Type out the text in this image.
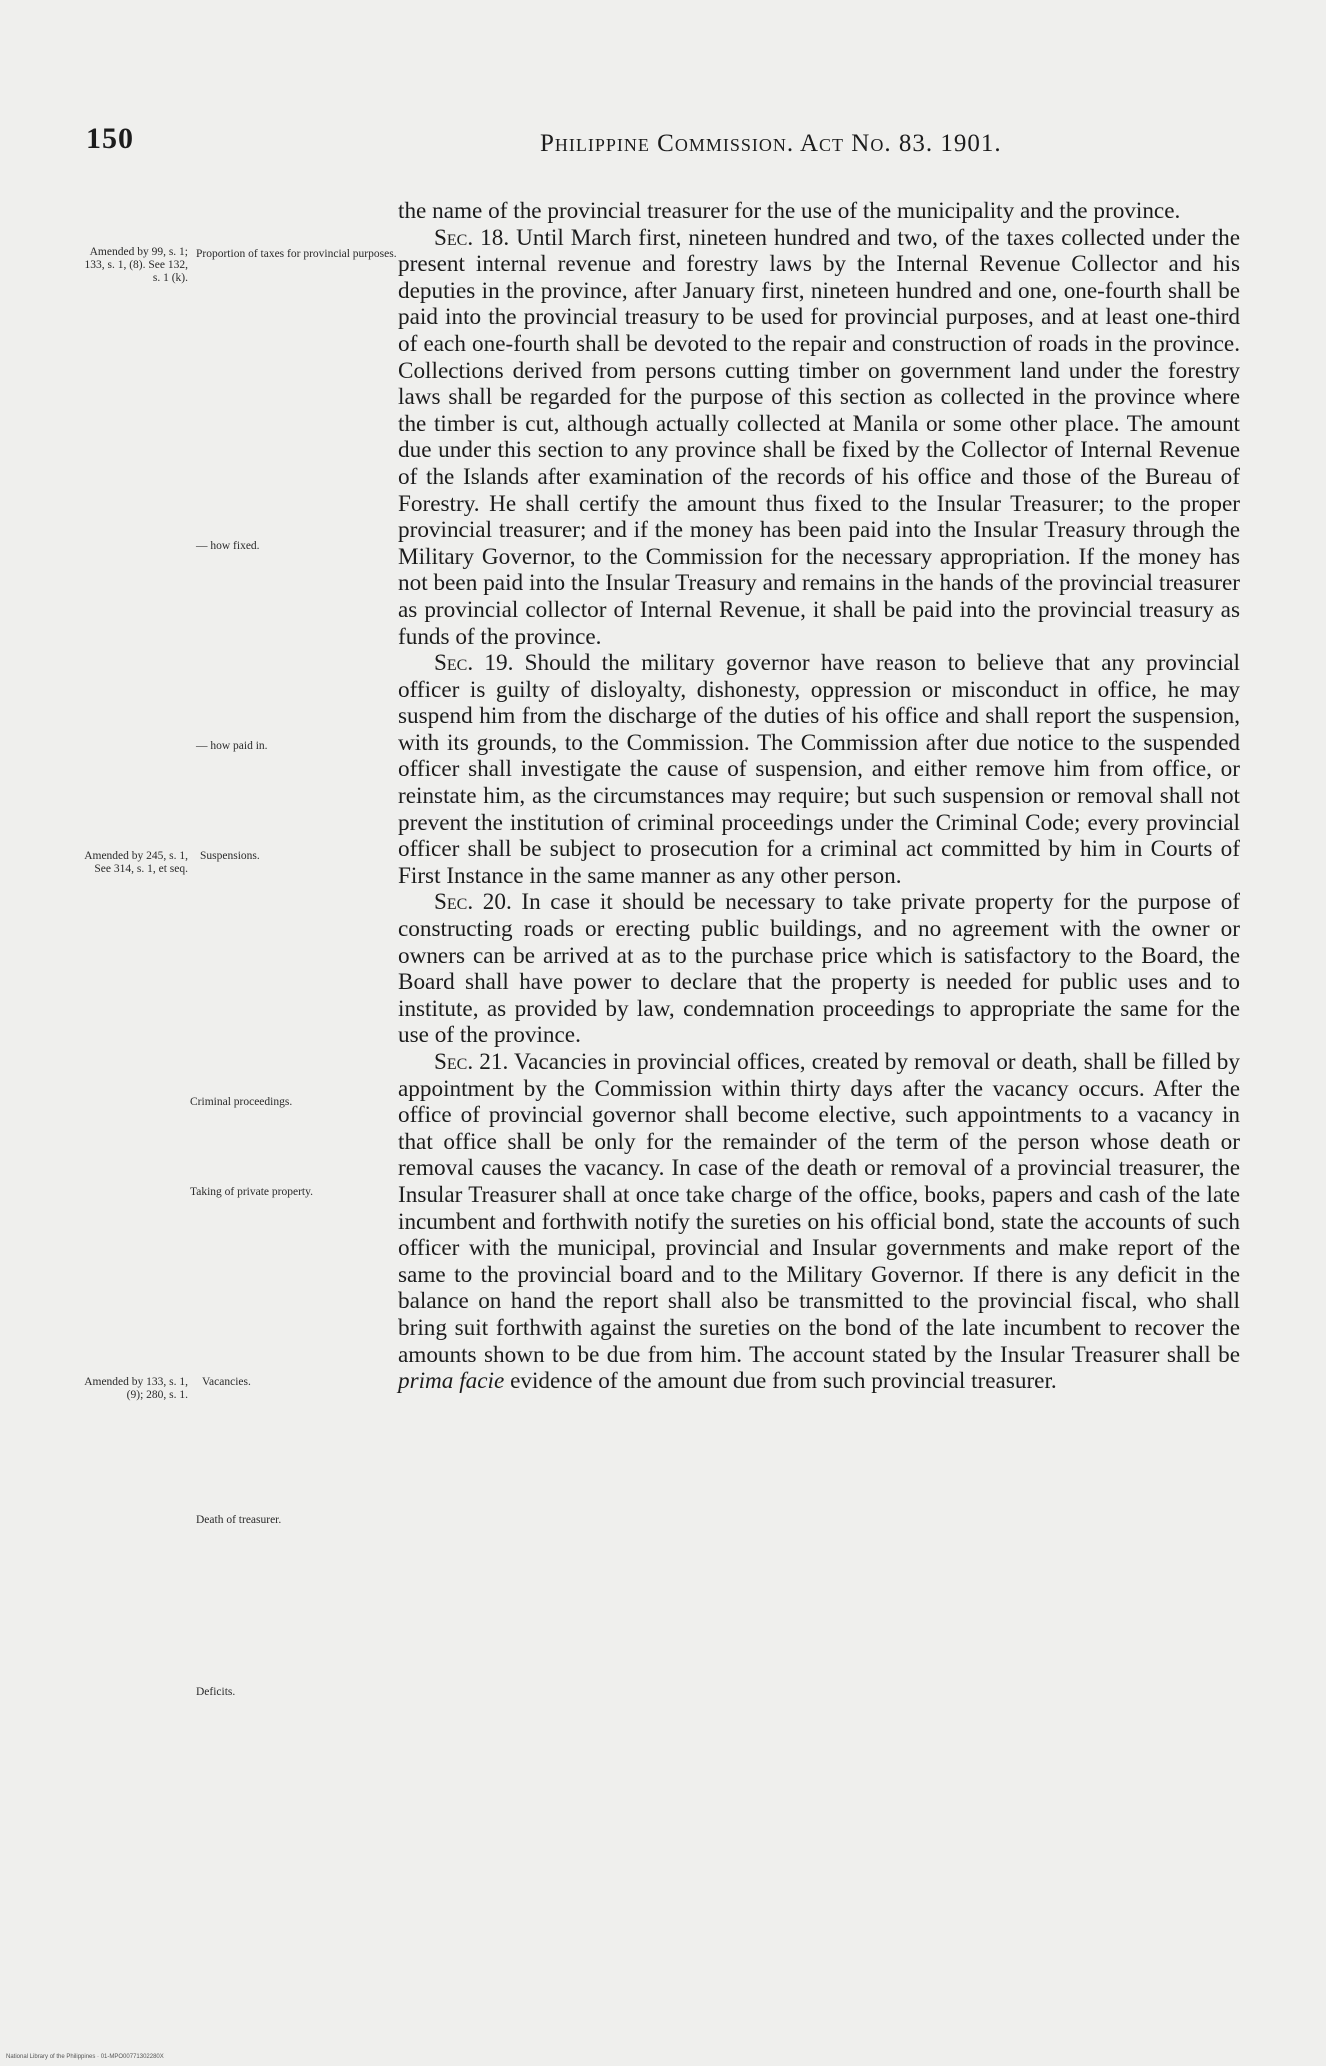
150	Philippine Commission. Act No. 83. 1901.
Amended by 99, s. 1; 133, s. 1, (8). See 132, s. 1 (k).
Amended by 245, s. 1, See 314, s. 1, et seq.
Amended by 133, s. 1, (9); 280, s. 1.
Proportion of taxes for provincial purposes.
— how fixed.
— how paid in.
Suspensions.
Criminal proceedings.
Taking of private property.
Vacancies.
Death of treasurer.
Deficits.

the name of the provincial treasurer for the use of the municipality and the province.

Sec. 18. Until March first, nineteen hundred and two, of the taxes collected under the present internal revenue and forestry laws by the Internal Revenue Collector and his deputies in the province, after January first, nineteen hundred and one, one-fourth shall be paid into the provincial treasury to be used for provincial purposes, and at least one-third of each one-fourth shall be devoted to the repair and construction of roads in the province. Collections derived from persons cutting timber on government land under the forestry laws shall be regarded for the purpose of this section as collected in the province where the timber is cut, although actually collected at Manila or some other place. The amount due under this section to any province shall be fixed by the Collector of Internal Revenue of the Islands after examination of the records of his office and those of the Bureau of Forestry. He shall certify the amount thus fixed to the Insular Treasurer; to the proper provincial treasurer; and if the money has been paid into the Insular Treasury through the Military Governor, to the Commission for the necessary appropriation. If the money has not been paid into the Insular Treasury and remains in the hands of the provincial treasurer as provincial collector of Internal Revenue, it shall be paid into the provincial treasury as funds of the province.

Sec. 19. Should the military governor have reason to believe that any provincial officer is guilty of disloyalty, dishonesty, oppression or misconduct in office, he may suspend him from the discharge of the duties of his office and shall report the suspension, with its grounds, to the Commission. The Commission after due notice to the suspended officer shall investigate the cause of suspension, and either remove him from office, or reinstate him, as the circumstances may require; but such suspension or removal shall not prevent the institution of criminal proceedings under the Criminal Code; every provincial officer shall be subject to prosecution for a criminal act committed by him in Courts of First Instance in the same manner as any other person.

Sec. 20. In case it should be necessary to take private property for the purpose of constructing roads or erecting public buildings, and no agreement with the owner or owners can be arrived at as to the purchase price which is satisfactory to the Board, the Board shall have power to declare that the property is needed for public uses and to institute, as provided by law, condemnation proceedings to appropriate the same for the use of the province.

Sec. 21. Vacancies in provincial offices, created by removal or death, shall be filled by appointment by the Commission within thirty days after the vacancy occurs. After the office of provincial governor shall become elective, such appointments to a vacancy in that office shall be only for the remainder of the term of the person whose death or removal causes the vacancy. In case of the death or removal of a provincial treasurer, the Insular Treasurer shall at once take charge of the office, books, papers and cash of the late incumbent and forthwith notify the sureties on his official bond, state the accounts of such officer with the municipal, provincial and Insular governments and make report of the same to the provincial board and to the Military Governor. If there is any deficit in the balance on hand the report shall also be transmitted to the provincial fiscal, who shall bring suit forthwith against the sureties on the bond of the late incumbent to recover the amounts shown to be due from him. The account stated by the Insular Treasurer shall be prima facie evidence of the amount due from such provincial treasurer.

National Library of the Philippines · 01-MPO00771302280X
